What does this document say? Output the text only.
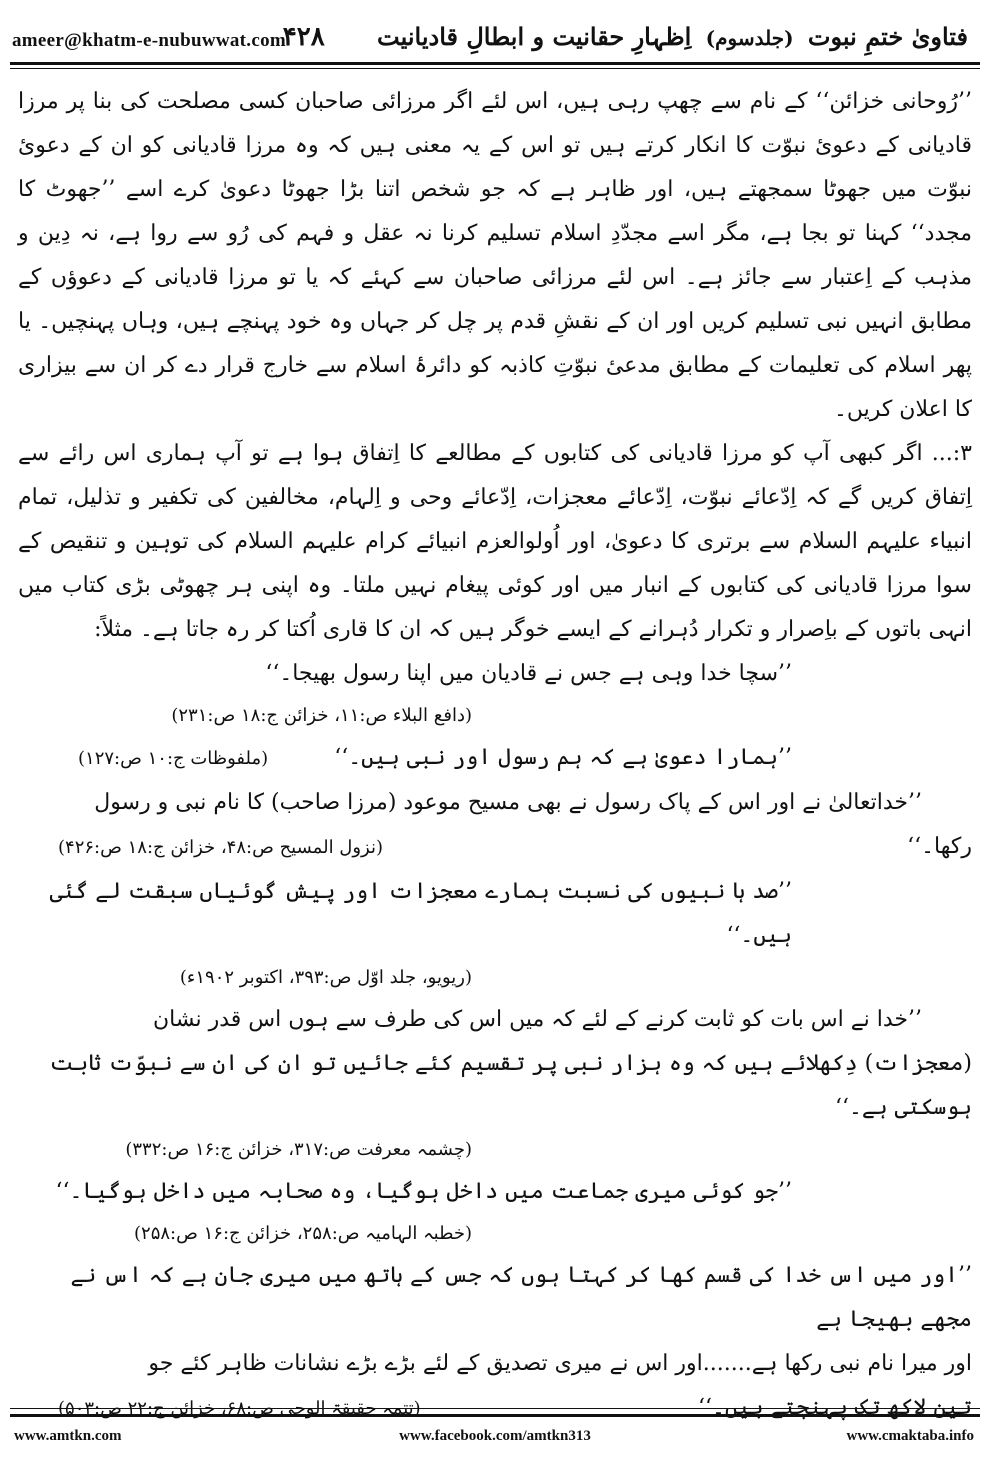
ameer@khatm-e-nubuwwat.com	فتاویٰ ختمِ نبوت (جلدسوم) اِظہارِ حقانیت و ابطالِ قادیانیت ۴۲۸

’’رُوحانی خزائن‘‘ کے نام سے چھپ رہی ہیں، اس لئے اگر مرزائی صاحبان کسی مصلحت کی بنا پر مرزا قادیانی کے دعویٔ نبوّت کا انکار کرتے ہیں تو اس کے یہ معنی ہیں کہ وہ مرزا قادیانی کو ان کے دعویٔ نبوّت میں جھوٹا سمجھتے ہیں، اور ظاہر ہے کہ جو شخص اتنا بڑا جھوٹا دعویٰ کرے اسے ’’جھوٹ کا مجدد‘‘ کہنا تو بجا ہے، مگر اسے مجدّدِ اسلام تسلیم کرنا نہ عقل و فہم کی رُو سے روا ہے، نہ دِین و مذہب کے اِعتبار سے جائز ہے۔ اس لئے مرزائی صاحبان سے کہئے کہ یا تو مرزا قادیانی کے دعوؤں کے مطابق انہیں نبی تسلیم کریں اور ان کے نقشِ قدم پر چل کر جہاں وہ خود پہنچے ہیں، وہاں پہنچیں۔ یا پھر اسلام کی تعلیمات کے مطابق مدعیٔ نبوّتِ کاذبہ کو دائرۂ اسلام سے خارج قرار دے کر ان سے بیزاری کا اعلان کریں۔

۳:... اگر کبھی آپ کو مرزا قادیانی کی کتابوں کے مطالعے کا اِتفاق ہوا ہے تو آپ ہماری اس رائے سے اِتفاق کریں گے کہ اِدّعائے نبوّت، اِدّعائے معجزات، اِدّعائے وحی و اِلہام، مخالفین کی تکفیر و تذلیل، تمام انبیاء علیہم السلام سے برتری کا دعویٰ، اور اُولوالعزم انبیائے کرام علیہم السلام کی توہین و تنقیص کے سوا مرزا قادیانی کی کتابوں کے انبار میں اور کوئی پیغام نہیں ملتا۔ وہ اپنی ہر چھوٹی بڑی کتاب میں انہی باتوں کے باِصرار و تکرار دُہرانے کے ایسے خوگر ہیں کہ ان کا قاری اُکتا کر رہ جاتا ہے۔ مثلاً:

’’سچا خدا وہی ہے جس نے قادیان میں اپنا رسول بھیجا۔‘‘

(دافع البلاء ص:۱۱، خزائن ج:۱۸ ص:۲۳۱)
’’ہمارا دعویٰ ہے کہ ہم رسول اور نبی ہیں۔‘‘
(ملفوظات ج:۱۰ ص:۱۲۷)

’’خداتعالیٰ نے اور اس کے پاک رسول نے بھی مسیح موعود (مرزا صاحب) کا نام نبی و رسول

رکھا۔‘‘
(نزول المسیح ص:۴۸، خزائن ج:۱۸ ص:۴۲۶)

’’صد ہا نبیوں کی نسبت ہمارے معجزات اور پیش گوئیاں سبقت لے گئی ہیں۔‘‘

(ریویو، جلد اوّل ص:۳۹۳، اکتوبر ۱۹۰۲ء)

’’خدا نے اس بات کو ثابت کرنے کے لئے کہ میں اس کی طرف سے ہوں اس قدر نشان

(معجزات) دِکھلائے ہیں کہ وہ ہزار نبی پر تقسیم کئے جائیں تو ان کی ان سے نبوّت ثابت ہوسکتی ہے۔‘‘

(چشمہ معرفت ص:۳۱۷، خزائن ج:۱۶ ص:۳۳۲)

’’جو کوئی میری جماعت میں داخل ہوگیا، وہ صحابہ میں داخل ہوگیا۔‘‘

(خطبہ الہامیہ ص:۲۵۸، خزائن ج:۱۶ ص:۲۵۸)

’’اور میں اس خدا کی قسم کھا کر کہتا ہوں کہ جس کے ہاتھ میں میری جان ہے کہ اس نے مجھے بھیجا ہے

اور میرا نام نبی رکھا ہے.......اور اس نے میری تصدیق کے لئے بڑے بڑے نشانات ظاہر کئے جو

تین لاکھ تک پہنچتے ہیں۔‘‘
(تتمہ حقیقۃ الوحی ص:۶۸، خزائن ج:۲۲ ص:۵۰۳)
www.amtkn.com	www.facebook.com/amtkn313	www.cmaktaba.info
